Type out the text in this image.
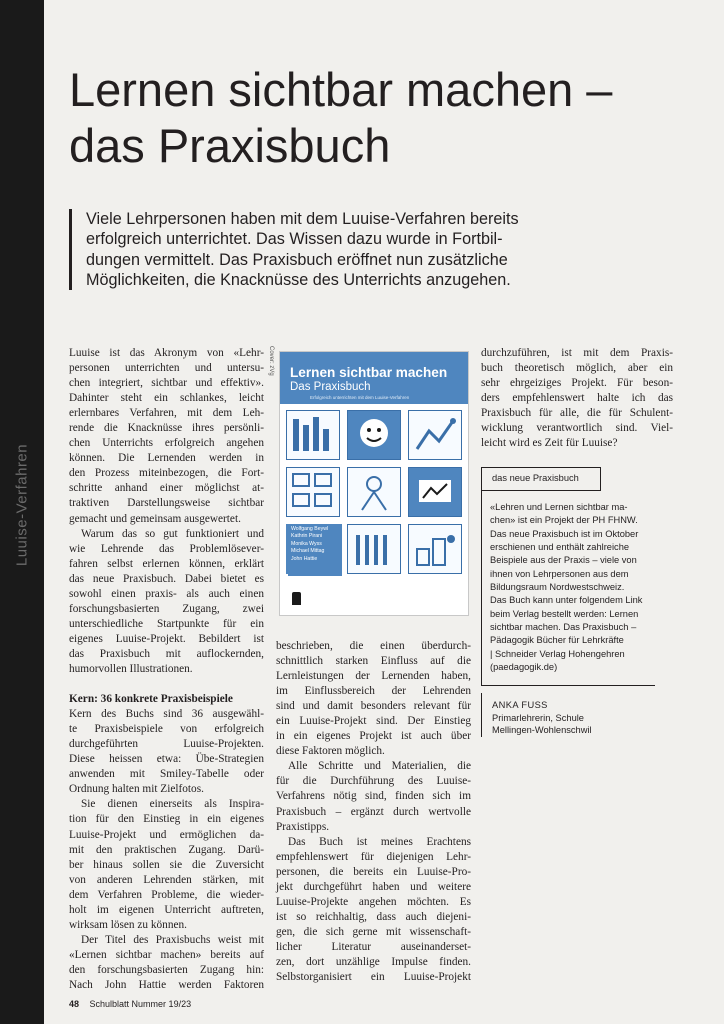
Luuise-Verfahren
Lernen sichtbar machen –
das Praxisbuch
Viele Lehrpersonen haben mit dem Luuise-Verfahren bereits
erfolgreich unterrichtet. Das Wissen dazu wurde in Fortbil-
dungen vermittelt. Das Praxisbuch eröffnet nun zusätzliche
Möglichkeiten, die Knacknüsse des Unterrichts anzugehen.
Luuise ist das Akronym von «Lehr-
personen unterrichten und untersu-
chen integriert, sichtbar und effektiv».
Dahinter steht ein schlankes, leicht
erlernbares Verfahren, mit dem Leh-
rende die Knacknüsse ihres persönli-
chen Unterrichts erfolgreich angehen
können. Die Lernenden werden in
den Prozess miteinbezogen, die Fort-
schritte anhand einer möglichst at-
traktiven Darstellungsweise sichtbar
gemacht und gemeinsam ausgewertet.
Warum das so gut funktioniert und
wie Lehrende das Problemlösever-
fahren selbst erlernen können, erklärt
das neue Praxisbuch. Dabei bietet es
sowohl einen praxis- als auch einen
forschungsbasierten Zugang, zwei
unterschiedliche Startpunkte für ein
eigenes Luuise-Projekt. Bebildert ist
das Praxisbuch mit auflockernden,
humorvollen Illustrationen.

Kern: 36 konkrete Praxisbeispiele
Kern des Buchs sind 36 ausgewähl-
te Praxisbeispiele von erfolgreich
durchgeführten Luuise-Projekten.
Diese heissen etwa: Übe-Strategien
anwenden mit Smiley-Tabelle oder
Ordnung halten mit Zielfotos.
Sie dienen einerseits als Inspira-
tion für den Einstieg in ein eigenes
Luuise-Projekt und ermöglichen da-
mit den praktischen Zugang. Darü-
ber hinaus sollen sie die Zuversicht
von anderen Lehrenden stärken, mit
dem Verfahren Probleme, die wieder-
holt im eigenen Unterricht auftreten,
wirksam lösen zu können.
Der Titel des Praxisbuchs weist mit
«Lernen sichtbar machen» bereits auf
den forschungsbasierten Zugang hin:
Nach John Hattie werden Faktoren
Cover: zVg Lernen sichtbar machen
Das Praxisbuch
Erfolgreich unterrichten mit dem Luuise-Verfahren
Wolfgang Beywl
Kathrin Pirani
Monika Wyss
Michael Mittag
John Hattie
beschrieben, die einen überdurch-
schnittlich starken Einfluss auf die
Lernleistungen der Lernenden haben,
im Einflussbereich der Lehrenden
sind und damit besonders relevant für
ein Luuise-Projekt sind. Der Einstieg
in ein eigenes Projekt ist auch über
diese Faktoren möglich.
Alle Schritte und Materialien, die
für die Durchführung des Luuise-
Verfahrens nötig sind, finden sich im
Praxisbuch – ergänzt durch wertvolle
Praxistipps.
Das Buch ist meines Erachtens
empfehlenswert für diejenigen Lehr-
personen, die bereits ein Luuise-Pro-
jekt durchgeführt haben und weitere
Luuise-Projekte angehen möchten. Es
ist so reichhaltig, dass auch diejeni-
gen, die sich gerne mit wissenschaft-
licher Literatur auseinanderset-
zen, dort unzählige Impulse finden.
Selbstorganisiert ein Luuise-Projekt
durchzuführen, ist mit dem Praxis-
buch theoretisch möglich, aber ein
sehr ehrgeiziges Projekt. Für beson-
ders empfehlenswert halte ich das
Praxisbuch für alle, die für Schulent-
wicklung verantwortlich sind. Viel-
leicht wird es Zeit für Luuise?
das neue Praxisbuch
«Lehren und Lernen sichtbar ma-
chen» ist ein Projekt der PH FHNW.
Das neue Praxisbuch ist im Oktober
erschienen und enthält zahlreiche
Beispiele aus der Praxis – viele von
ihnen von Lehrpersonen aus dem
Bildungsraum Nordwestschweiz.
Das Buch kann unter folgendem Link
beim Verlag bestellt werden: Lernen
sichtbar machen. Das Praxisbuch –
Pädagogik Bücher für Lehrkräfte
| Schneider Verlag Hohengehren
(paedagogik.de)
ANKA FUSS
Primarlehrerin, Schule
Mellingen-Wohlenschwil
48 Schulblatt Nummer 19/23
